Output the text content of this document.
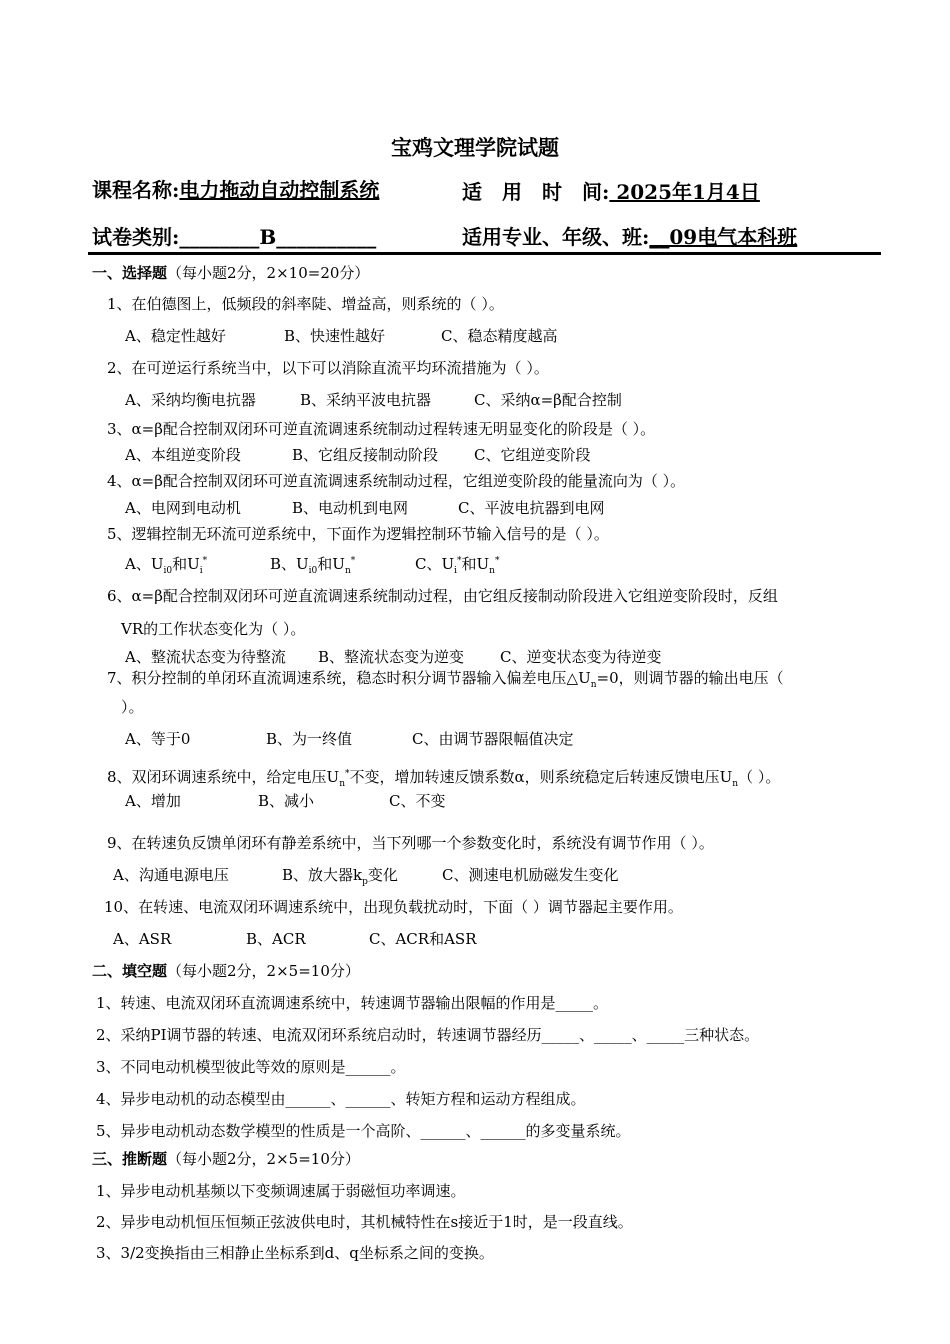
宝鸡文理学院试题
课程名称:电力拖动自动控制系统	适　用　时　间: 2025年1月4日
试卷类别:________B__________	适用专业、年级、班:__09电气本科班
一、选择题（每小题2分，2×10=20分）
1、在伯德图上，低频段的斜率陡、增益高，则系统的（ ）。
A、稳定性越好	B、快速性越好	C、稳态精度越高
2、在可逆运行系统当中，以下可以消除直流平均环流措施为（ ）。
A、采纳均衡电抗器	B、采纳平波电抗器	C、采纳α=β配合控制
3、α=β配合控制双闭环可逆直流调速系统制动过程转速无明显变化的阶段是（ ）。
A、本组逆变阶段	B、它组反接制动阶段 C、它组逆变阶段
4、α=β配合控制双闭环可逆直流调速系统制动过程，它组逆变阶段的能量流向为（ ）。
A、电网到电动机	B、电动机到电网	C、平波电抗器到电网
5、逻辑控制无环流可逆系统中，下面作为逻辑控制环节输入信号的是（ ）。
A、$U_{i0}$和$U_i^*$	B、$U_{i0}$和$U_n^*$	C、$U_i^*$和$U_n^*$
6、α=β配合控制双闭环可逆直流调速系统制动过程，由它组反接制动阶段进入它组逆变阶段时，反组
VR的工作状态变化为（ ）。
A、整流状态变为待整流 B、整流状态变为逆变 C、逆变状态变为待逆变
7、积分控制的单闭环直流调速系统，稳态时积分调节器输入偏差电压$\triangle U_n=0$，则调节器的输出电压（
）。
A、等于0	B、为一终值	C、由调节器限幅值决定
8、双闭环调速系统中，给定电压$U_n^*$不变，增加转速反馈系数α，则系统稳定后转速反馈电压$U_n$（ ）。
A、增加	B、减小	C、不变
9、在转速负反馈单闭环有静差系统中，当下列哪一个参数变化时，系统没有调节作用（ ）。
A、沟通电源电压	B、放大器$k_p$变化	C、测速电机励磁发生变化
10、在转速、电流双闭环调速系统中，出现负载扰动时，下面（ ）调节器起主要作用。
A、ASR	B、ACR	C、ACR和ASR
二、填空题（每小题2分，2×5=10分）
1、转速、电流双闭环直流调速系统中，转速调节器输出限幅的作用是_____。
2、采纳PI调节器的转速、电流双闭环系统启动时，转速调节器经历_____、_____、_____三种状态。
3、不同电动机模型彼此等效的原则是______。
4、异步电动机的动态模型由______、______、转矩方程和运动方程组成。
5、异步电动机动态数学模型的性质是一个高阶、______、______的多变量系统。
三、推断题（每小题2分，2×5=10分）
1、异步电动机基频以下变频调速属于弱磁恒功率调速。
2、异步电动机恒压恒频正弦波供电时，其机械特性在s接近于1时，是一段直线。
3、3/2变换指由三相静止坐标系到d、q坐标系之间的变换。
